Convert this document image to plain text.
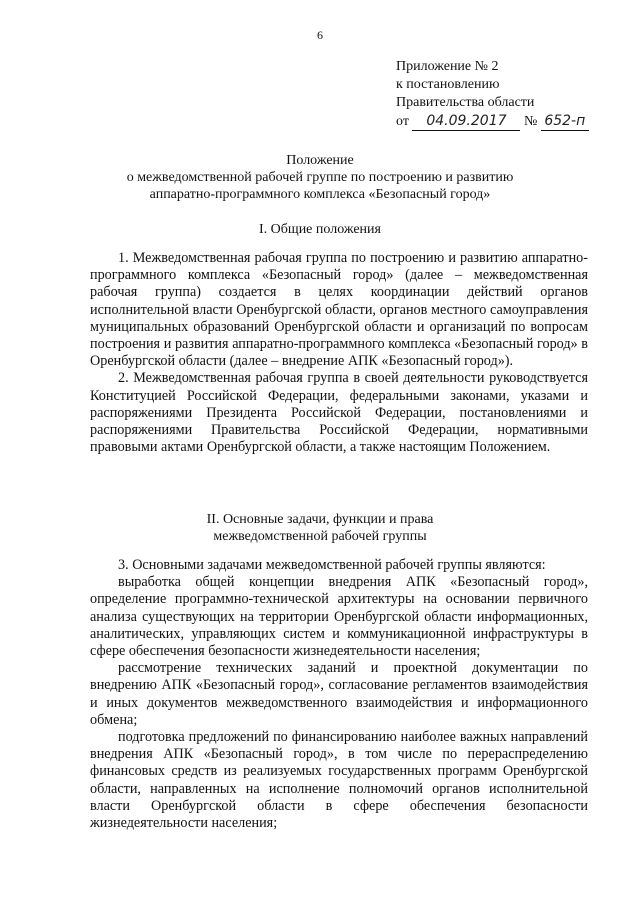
6
Приложение № 2
к постановлению
Правительства области
от 04.09.2017 № 652-п
Положение
о межведомственной рабочей группе по построению и развитию
аппаратно-программного комплекса «Безопасный город»
I. Общие положения

1. Межведомственная рабочая группа по построению и развитию аппаратно-программного комплекса «Безопасный город» (далее – межведомственная рабочая группа) создается в целях координации действий органов исполнительной власти Оренбургской области, органов местного самоуправления муниципальных образований Оренбургской области и организаций по вопросам построения и развития аппаратно-программного комплекса «Безопасный город» в Оренбургской области (далее – внедрение АПК «Безопасный город»).

2. Межведомственная рабочая группа в своей деятельности руководствуется Конституцией Российской Федерации, федеральными законами, указами и распоряжениями Президента Российской Федерации, постановлениями и распоряжениями Правительства Российской Федерации, нормативными правовыми актами Оренбургской области, а также настоящим Положением.

II. Основные задачи, функции и права
межведомственной рабочей группы

3. Основными задачами межведомственной рабочей группы являются:

выработка общей концепции внедрения АПК «Безопасный город», определение программно-технической архитектуры на основании первичного анализа существующих на территории Оренбургской области информационных, аналитических, управляющих систем и коммуникационной инфраструктуры в сфере обеспечения безопасности жизнедеятельности населения;

рассмотрение технических заданий и проектной документации по внедрению АПК «Безопасный город», согласование регламентов взаимодействия и иных документов межведомственного взаимодействия и информационного обмена;

подготовка предложений по финансированию наиболее важных направлений внедрения АПК «Безопасный город», в том числе по перераспределению финансовых средств из реализуемых государственных программ Оренбургской области, направленных на исполнение полномочий органов исполнительной власти Оренбургской области в сфере обеспечения безопасности жизнедеятельности населения;
